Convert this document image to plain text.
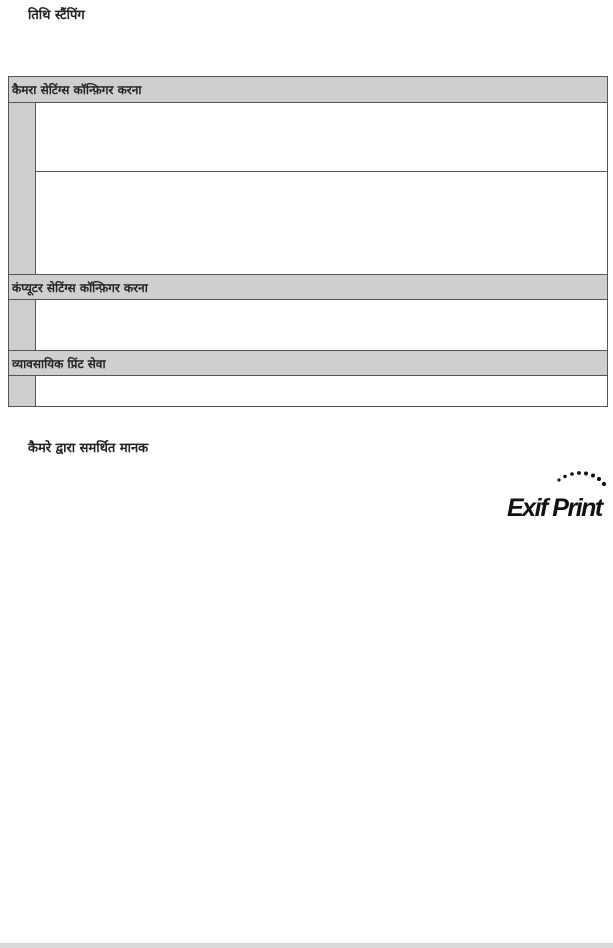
तिथि स्टैंपिंग
कैमरा सेटिंग्स कॉन्फ़िगर करना
कंप्यूटर सेटिंग्स कॉन्फ़िगर करना
व्यावसायिक प्रिंट सेवा
कैमरे द्वारा समर्थित मानक
Exif Print
